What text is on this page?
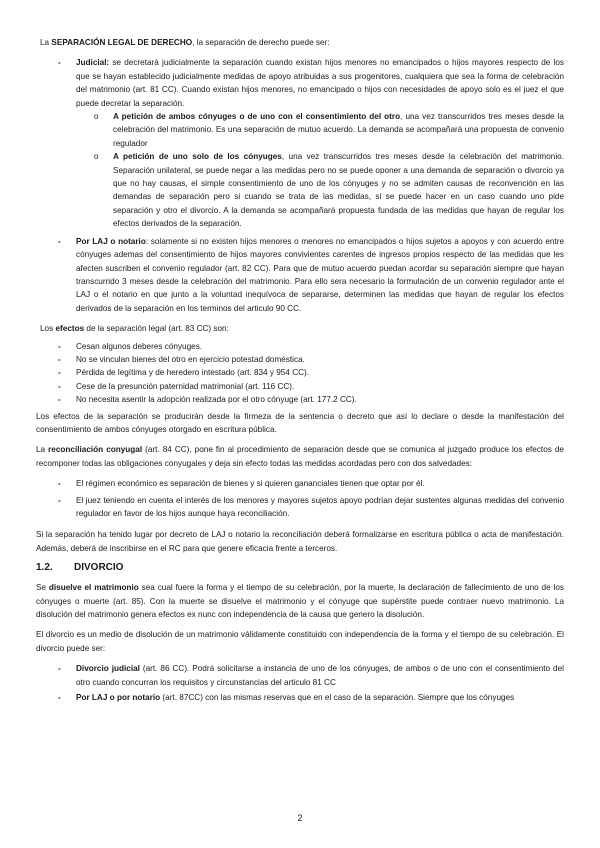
La SEPARACIÓN LEGAL DE DERECHO, la separación de derecho puede ser:

- Judicial: se decretará judicialmente la separación cuando existan hijos menores no emancipados o hijos mayores respecto de los que se hayan establecido judicialmente medidas de apoyo atribuidas a sus progenitores, cualquiera que sea la forma de celebración del matrimonio (art. 81 CC). Cuando existan hijos menores, no emancipado o hijos con necesidades de apoyo solo es el juez el que puede decretar la separación.
o A petición de ambos cónyuges o de uno con el consentimiento del otro, una vez transcurridos tres meses desde la celebración del matrimonio. Es una separación de mutuo acuerdo. La demanda se acompañará una propuesta de convenio regulador
o A petición de uno solo de los cónyuges, una vez transcurridos tres meses desde la celebración del matrimonio. Separación unilateral, se puede negar a las medidas pero no se puede oponer a una demanda de separación o divorcio ya que no hay causas, el simple consentimiento de uno de los cónyuges y no se admiten causas de reconvención en las demandas de separación pero si cuando se trata de las medidas, si se puede hacer en un caso cuando uno pide separación y otro el divorcio. A la demanda se acompañará propuesta fundada de las medidas que hayan de regular los efectos derivados de la separación.
- Por LAJ o notario: solamente si no existen hijos menores o menores no emancipados o hijos sujetos a apoyos y con acuerdo entre cónyuges ademas del consentimiento de hijos mayores convivientes carentes de ingresos propios respecto de las medidas que les afecten suscriben el convenio regulador (art. 82 CC). Para que de mutuo acuerdo puedan acordar su separación siempre que hayan transcurrido 3 meses desde la celebración del matrimonio. Para ello sera necesario la formulación de un convenio regulador ante el LAJ o el notario en que junto a la voluntad inequívoca de separarse, determinen las medidas que hayan de regular los efectos derivados de la separación en los terminos del articulo 90 CC.

Los efectos de la separación legal (art. 83 CC) son:

- Cesan algunos deberes cónyuges.
- No se vinculan bienes del otro en ejercicio potestad doméstica.
- Pérdida de legítima y de heredero intestado (art. 834 y 954 CC).
- Cese de la presunción paternidad matrimonial (art. 116 CC).
- No necesita asentir la adopción realizada por el otro cónyuge (art. 177.2 CC).

Los efectos de la separación se producirán desde la firmeza de la sentencia o decreto que así lo declare o desde la manifestación del consentimiento de ambos cónyuges otorgado en escritura pública.

La reconciliación conyugal (art. 84 CC), pone fin al procedimiento de separación desde que se comunica al juzgado produce los efectos de recomponer todas las obligaciones conyugales y deja sin efecto todas las medidas acordadas pero con dos salvedades:

- El régimen económico es separación de bienes y si quieren gananciales tienen que optar por él.
- El juez teniendo en cuenta el interés de los menores y mayores sujetos apoyo podrían dejar sustentes algunas medidas del convenio regulador en favor de los hijos aunque haya reconciliación.

Si la separación ha tenido lugar por decreto de LAJ o notario la reconciliación deberá formalizarse en escritura pública o acta de manifestación. Además, deberá de inscribirse en el RC para que genere eficacia frente a terceros.

1.2.	DIVORCIO

Se disuelve el matrimonio sea cual fuere la forma y el tiempo de su celebración, por la muerte, la declaración de fallecimiento de uno de los cónyuges o muerte (art. 85). Con la muerte se disuelve el matrimonio y el cónyuge que supérstite puede contraer nuevo matrimonio. La disolución del matrimonio genera efectos ex nunc con independencia de la causa que genero la disolución.

El divorcio es un medio de disolución de un matrimonio válidamente constituido con independencia de la forma y el tiempo de su celebración. El divorcio puede ser:

- Divorcio judicial (art. 86 CC). Podrá solicitarse a instancia de uno de los cónyuges, de ambos o de uno con el consentimiento del otro cuando concurran los requisitos y circunstancias del articulo 81 CC
- Por LAJ o por notario (art. 87CC) con las mismas reservas que en el caso de la separación. Siempre que los cónyuges
2
